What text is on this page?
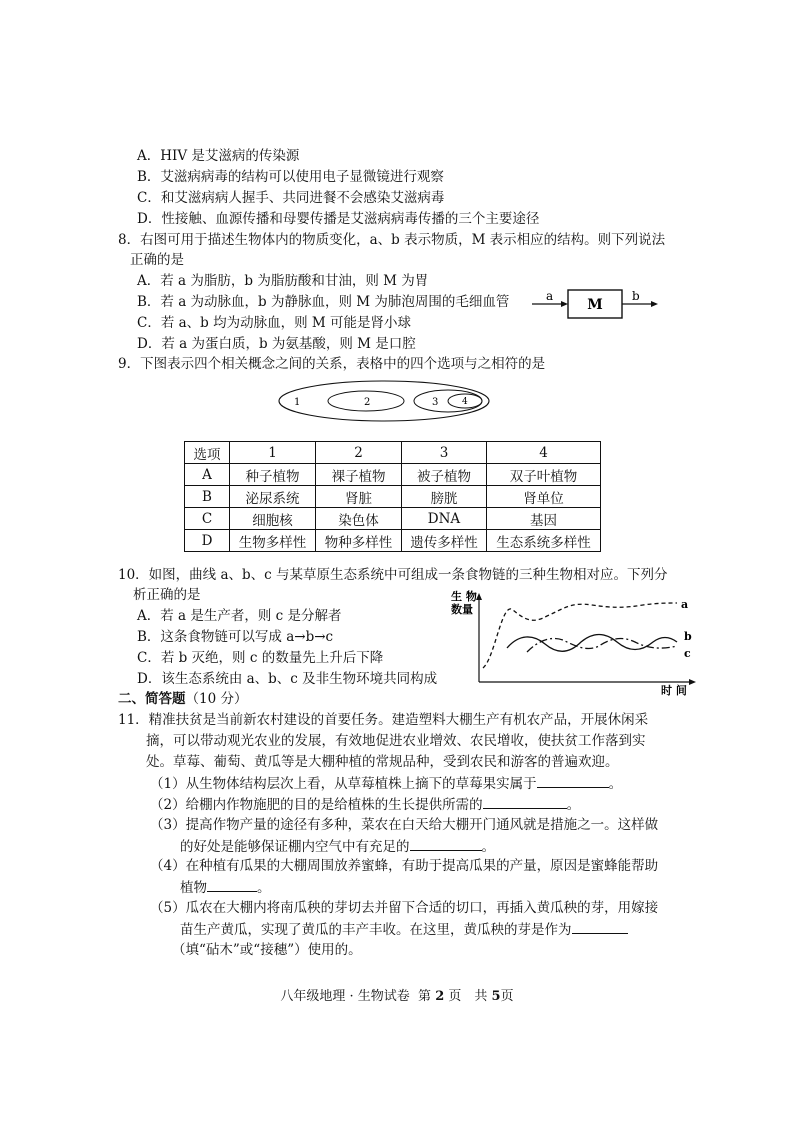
A．HIV 是艾滋病的传染源
B．艾滋病病毒的结构可以使用电子显微镜进行观察
C．和艾滋病病人握手、共同进餐不会感染艾滋病毒
D．性接触、血源传播和母婴传播是艾滋病病毒传播的三个主要途径
8．右图可用于描述生物体内的物质变化，a、b 表示物质，M 表示相应的结构。则下列说法
正确的是
A．若 a 为脂肪，b 为脂肪酸和甘油，则 M 为胃
B．若 a 为动脉血，b 为静脉血，则 M 为肺泡周围的毛细血管
C．若 a、b 均为动脉血，则 M 可能是肾小球
D．若 a 为蛋白质，b 为氨基酸，则 M 是口腔
a
M
b
9．下图表示四个相关概念之间的关系，表格中的四个选项与之相符的是
1	2	3	4
选项	1	2	3	4
A	种子植物	裸子植物	被子植物	双子叶植物
B	泌尿系统	肾脏	膀胱	肾单位
C	细胞核	染色体	DNA	基因
D	生物多样性	物种多样性	遗传多样性	生态系统多样性
10．如图，曲线 a、b、c 与某草原生态系统中可组成一条食物链的三种生物相对应。下列分
析正确的是
A．若 a 是生产者，则 c 是分解者
B．这条食物链可以写成 a→b→c
C．若 b 灭绝，则 c 的数量先上升后下降
D．该生态系统由 a、b、c 及非生物环境共同构成
生 物
数量
时 间
a
b
c
二、简答题（10 分）
11．精准扶贫是当前新农村建设的首要任务。建造塑料大棚生产有机农产品，开展休闲采
摘，可以带动观光农业的发展，有效地促进农业增效、农民增收，使扶贫工作落到实
处。草莓、葡萄、黄瓜等是大棚种植的常规品种，受到农民和游客的普遍欢迎。
（1）从生物体结构层次上看，从草莓植株上摘下的草莓果实属于	。
（2）给棚内作物施肥的目的是给植株的生长提供所需的	。
（3）提高作物产量的途径有多种，菜农在白天给大棚开门通风就是措施之一。这样做
的好处是能够保证棚内空气中有充足的	。
（4）在种植有瓜果的大棚周围放养蜜蜂，有助于提高瓜果的产量，原因是蜜蜂能帮助
植物	。
（5）瓜农在大棚内将南瓜秧的芽切去并留下合适的切口，再插入黄瓜秧的芽，用嫁接
苗生产黄瓜，实现了黄瓜的丰产丰收。在这里，黄瓜秧的芽是作为
（填“砧木”或“接穗”）使用的。
八年级地理 · 生物试卷 第 2 页　共 5页
